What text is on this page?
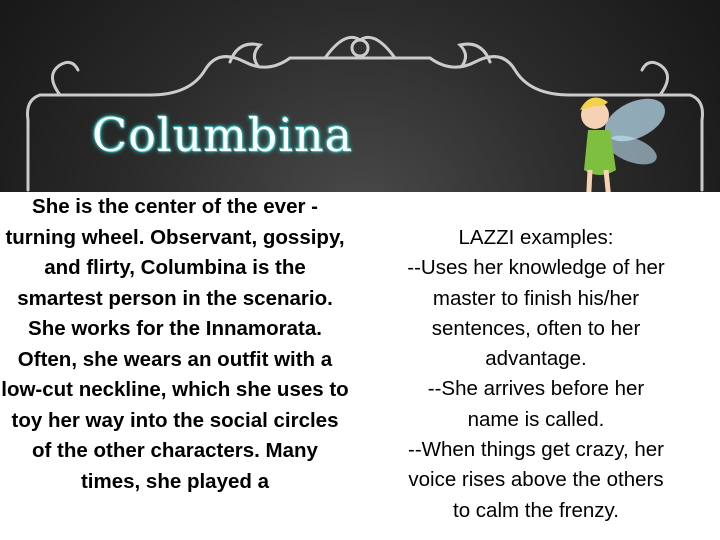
Columbina

She is the center of the ever -turning wheel. Observant, gossipy, and flirty, Columbina is the smartest person in the scenario. She works for the Innamorata. Often, she wears an outfit with a low-cut neckline, which she uses to toy her way into the social circles of the other characters. Many times, she played a

LAZZI examples:
--Uses her knowledge of her
master to finish his/her
sentences, often to her
advantage.
--She arrives before her
name is called.
--When things get crazy, her
voice rises above the others
to calm the frenzy.
